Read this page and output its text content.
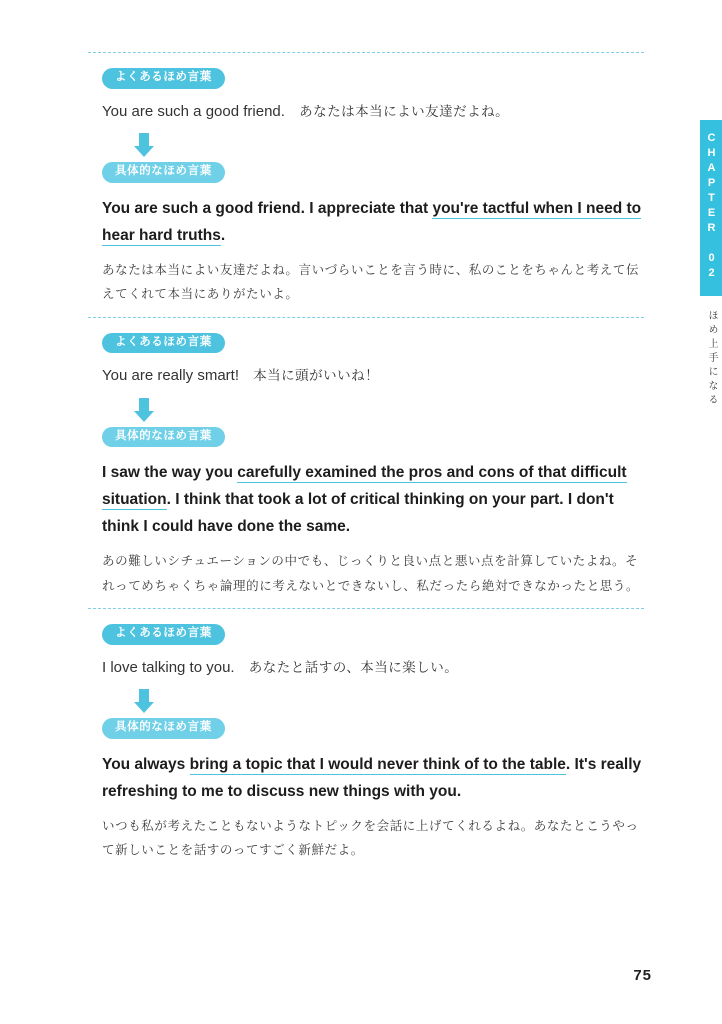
CHAPTER 02
ほめ上手になる
よくあるほめ言葉
You are such a good friend. あなたは本当によい友達だよね。
具体的なほめ言葉
You are such a good friend. I appreciate that you're tactful when I need to hear hard truths.
あなたは本当によい友達だよね。言いづらいことを言う時に、私のことをちゃんと考えて伝えてくれて本当にありがたいよ。
よくあるほめ言葉
You are really smart! 本当に頭がいいね！
具体的なほめ言葉
I saw the way you carefully examined the pros and cons of that difficult situation. I think that took a lot of critical thinking on your part. I don't think I could have done the same.
あの難しいシチュエーションの中でも、じっくりと良い点と悪い点を計算していたよね。それってめちゃくちゃ論理的に考えないとできないし、私だったら絶対できなかったと思う。
よくあるほめ言葉
I love talking to you. あなたと話すの、本当に楽しい。
具体的なほめ言葉
You always bring a topic that I would never think of to the table. It's really refreshing to me to discuss new things with you.
いつも私が考えたこともないようなトピックを会話に上げてくれるよね。あなたとこうやって新しいことを話すのってすごく新鮮だよ。
75
